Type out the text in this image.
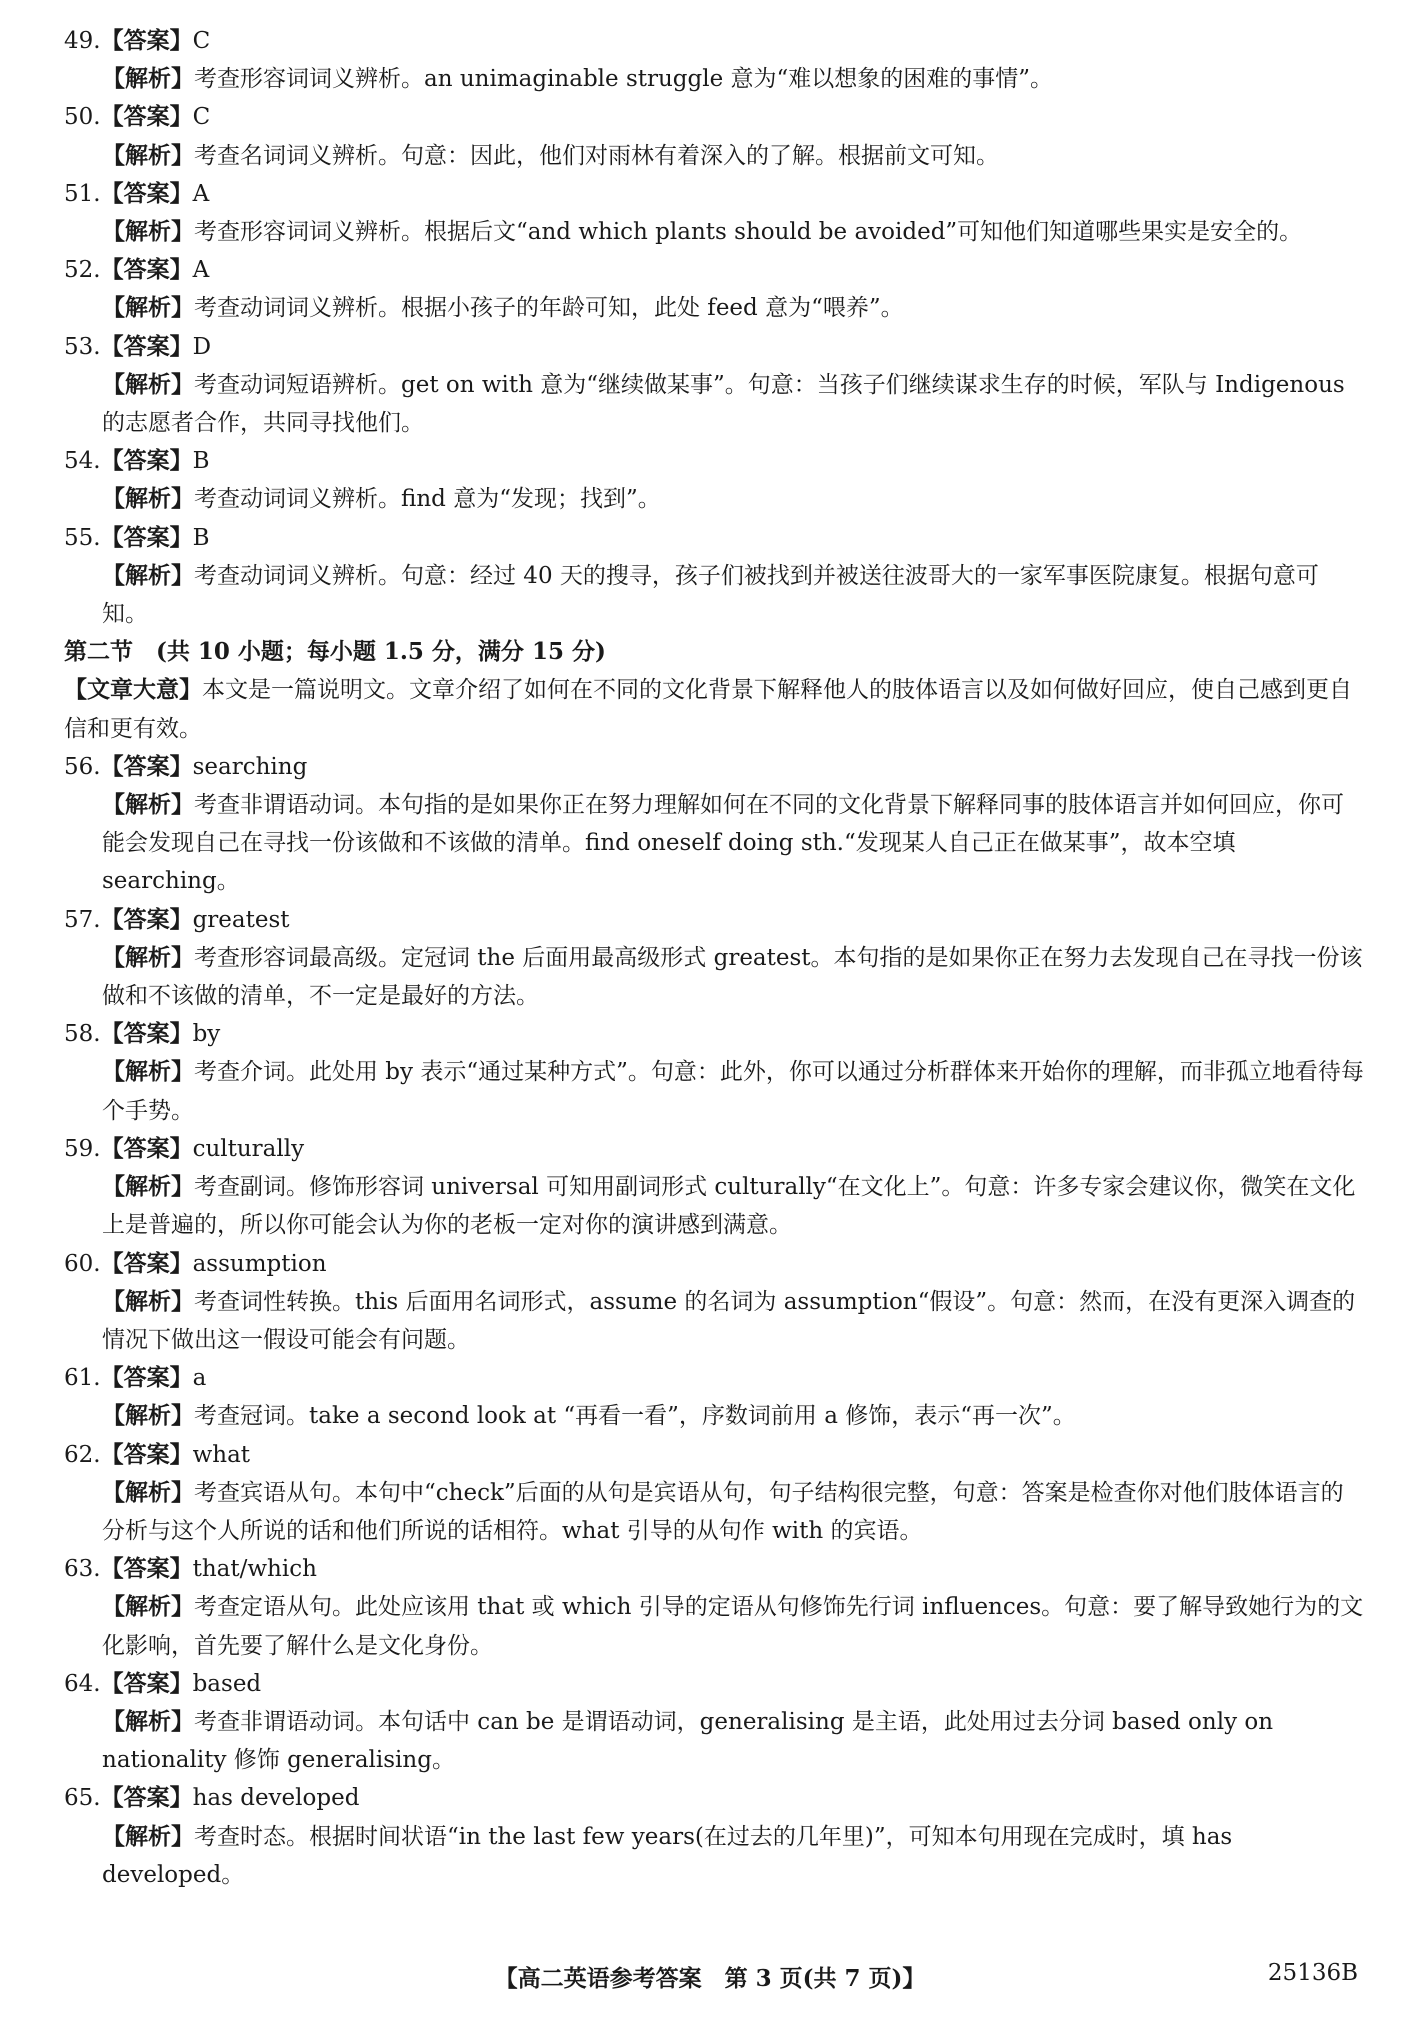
49.【答案】C
【解析】考查形容词词义辨析。an unimaginable struggle 意为“难以想象的困难的事情”。
50.【答案】C
【解析】考查名词词义辨析。句意：因此，他们对雨林有着深入的了解。根据前文可知。
51.【答案】A
【解析】考查形容词词义辨析。根据后文“and which plants should be avoided”可知他们知道哪些果实是安全的。
52.【答案】A
【解析】考查动词词义辨析。根据小孩子的年龄可知，此处 feed 意为“喂养”。
53.【答案】D
【解析】考查动词短语辨析。get on with 意为“继续做某事”。句意：当孩子们继续谋求生存的时候，军队与 Indigenous 的志愿者合作，共同寻找他们。
54.【答案】B
【解析】考查动词词义辨析。find 意为“发现；找到”。
55.【答案】B
【解析】考查动词词义辨析。句意：经过 40 天的搜寻，孩子们被找到并被送往波哥大的一家军事医院康复。根据句意可知。
第二节　(共 10 小题；每小题 1.5 分，满分 15 分)
【文章大意】本文是一篇说明文。文章介绍了如何在不同的文化背景下解释他人的肢体语言以及如何做好回应，使自己感到更自信和更有效。
56.【答案】searching
【解析】考查非谓语动词。本句指的是如果你正在努力理解如何在不同的文化背景下解释同事的肢体语言并如何回应，你可能会发现自己在寻找一份该做和不该做的清单。find oneself doing sth.“发现某人自己正在做某事”，故本空填 searching。
57.【答案】greatest
【解析】考查形容词最高级。定冠词 the 后面用最高级形式 greatest。本句指的是如果你正在努力去发现自己在寻找一份该做和不该做的清单，不一定是最好的方法。
58.【答案】by
【解析】考查介词。此处用 by 表示“通过某种方式”。句意：此外，你可以通过分析群体来开始你的理解，而非孤立地看待每个手势。
59.【答案】culturally
【解析】考查副词。修饰形容词 universal 可知用副词形式 culturally“在文化上”。句意：许多专家会建议你，微笑在文化上是普遍的，所以你可能会认为你的老板一定对你的演讲感到满意。
60.【答案】assumption
【解析】考查词性转换。this 后面用名词形式，assume 的名词为 assumption“假设”。句意：然而，在没有更深入调查的情况下做出这一假设可能会有问题。
61.【答案】a
【解析】考查冠词。take a second look at “再看一看”，序数词前用 a 修饰，表示“再一次”。
62.【答案】what
【解析】考查宾语从句。本句中“check”后面的从句是宾语从句，句子结构很完整，句意：答案是检查你对他们肢体语言的分析与这个人所说的话和他们所说的话相符。what 引导的从句作 with 的宾语。
63.【答案】that/which
【解析】考查定语从句。此处应该用 that 或 which 引导的定语从句修饰先行词 influences。句意：要了解导致她行为的文化影响，首先要了解什么是文化身份。
64.【答案】based
【解析】考查非谓语动词。本句话中 can be 是谓语动词，generalising 是主语，此处用过去分词 based only on nationality 修饰 generalising。
65.【答案】has developed
【解析】考查时态。根据时间状语“in the last few years(在过去的几年里)”，可知本句用现在完成时，填 has developed。
【高二英语参考答案　第 3 页(共 7 页)】	25136B
